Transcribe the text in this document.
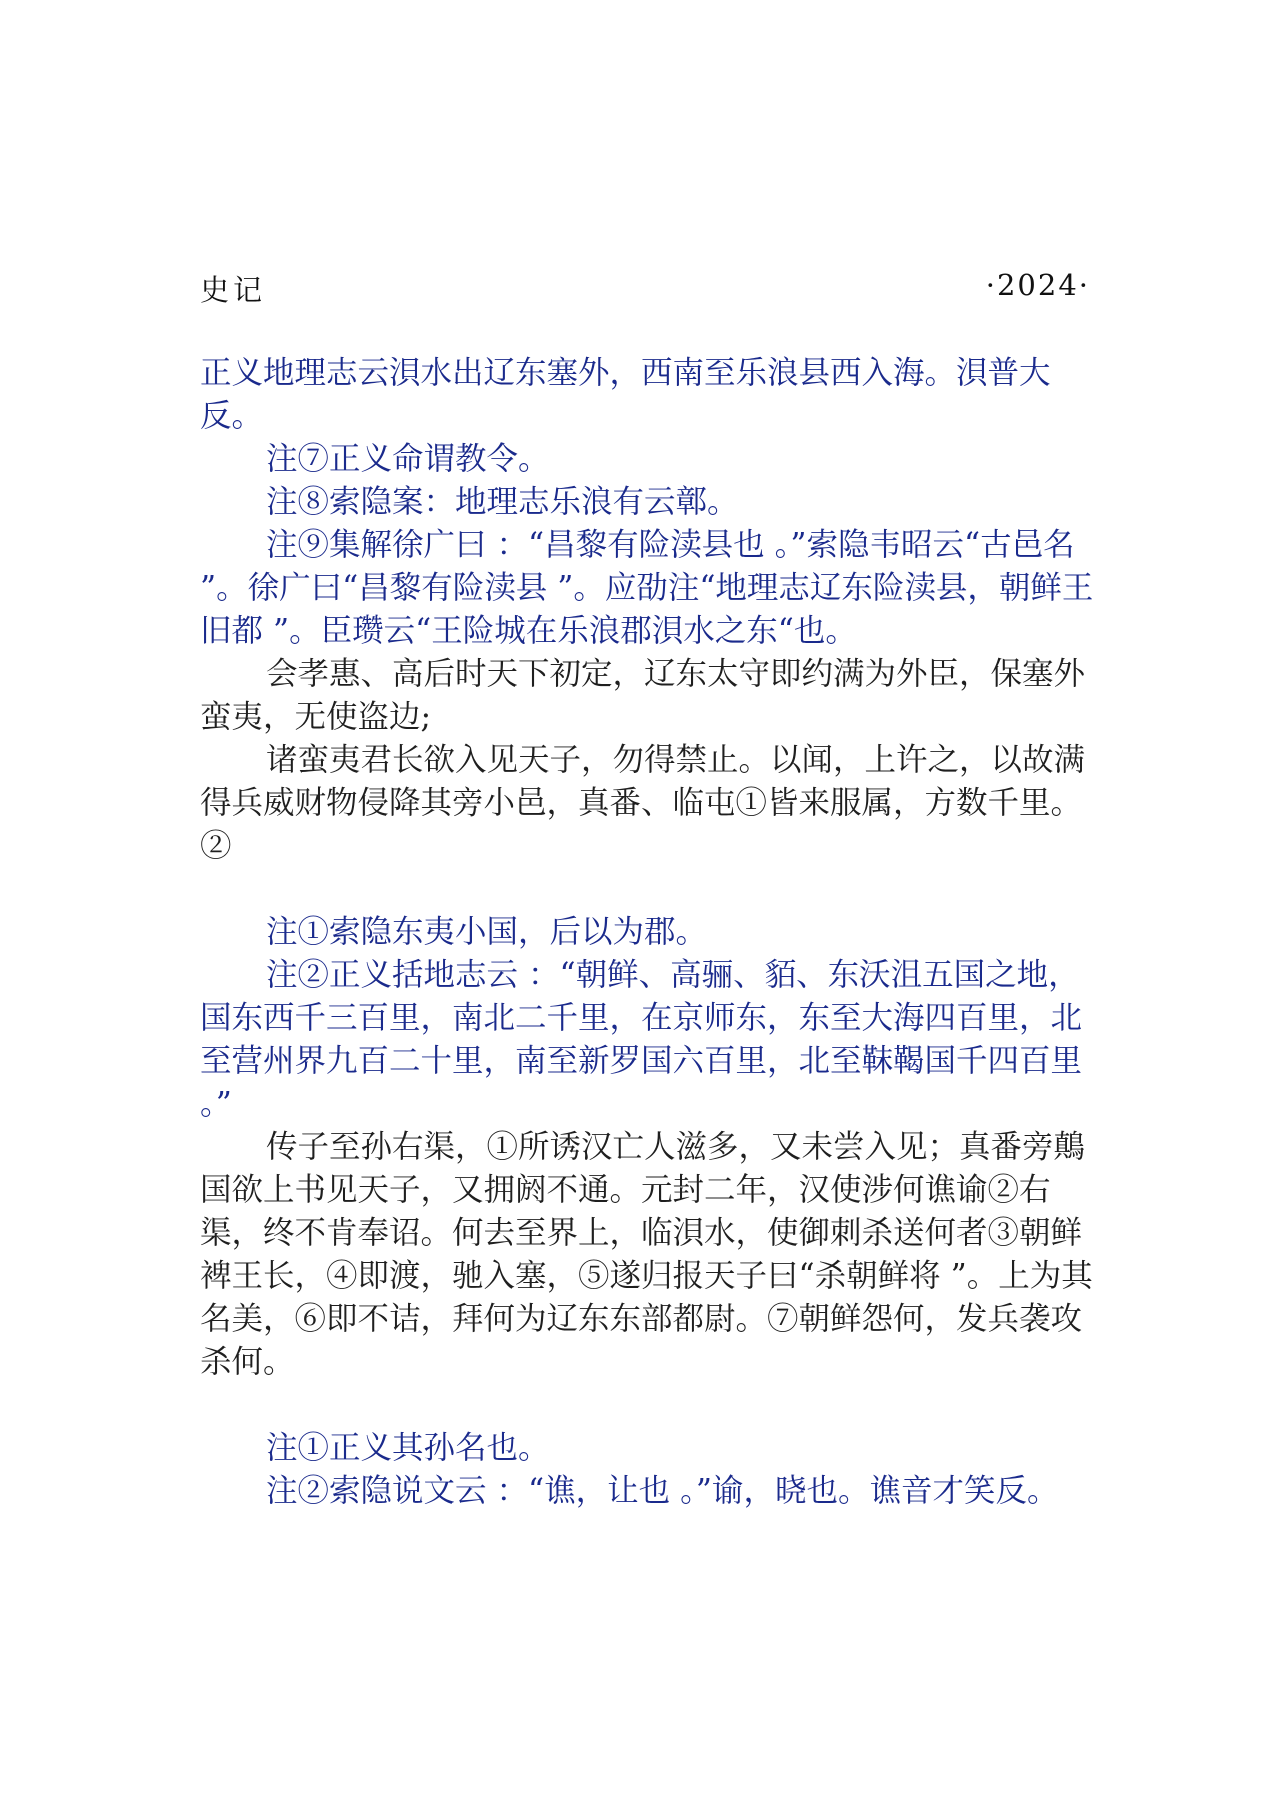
史记	·2024·

正义地理志云浿水出辽东塞外，西南至乐浪县西入海。浿普大反。

注⑦正义命谓教令。

注⑧索隐案：地理志乐浪有云鄣。

注⑨集解徐广曰 ：“昌黎有险渎县也 。”索隐韦昭云“古邑名 ”。徐广曰“昌黎有险渎县 ”。应劭注“地理志辽东险渎县，朝鲜王旧都 ”。臣瓒云“王险城在乐浪郡浿水之东“也。

会孝惠、高后时天下初定，辽东太守即约满为外臣，保塞外蛮夷，无使盗边;

诸蛮夷君长欲入见天子，勿得禁止。以闻，上许之，以故满得兵威财物侵降其旁小邑，真番、临屯①皆来服属，方数千里。②

注①索隐东夷小国，后以为郡。

注②正义括地志云 ：“朝鲜、高骊、貊、东沃沮五国之地，国东西千三百里，南北二千里，在京师东，东至大海四百里，北至营州界九百二十里，南至新罗国六百里，北至靺鞨国千四百里 。”

传子至孙右渠，①所诱汉亡人滋多，又未尝入见；真番旁鷏国欲上书见天子，又拥阏不通。元封二年，汉使涉何谯谕②右渠，终不肯奉诏。何去至界上，临浿水，使御刺杀送何者③朝鲜裨王长，④即渡，驰入塞，⑤遂归报天子曰“杀朝鲜将 ”。上为其名美，⑥即不诘，拜何为辽东东部都尉。⑦朝鲜怨何，发兵袭攻杀何。

注①正义其孙名也。

注②索隐说文云 ：“谯，让也 。”谕，晓也。谯音才笑反。
